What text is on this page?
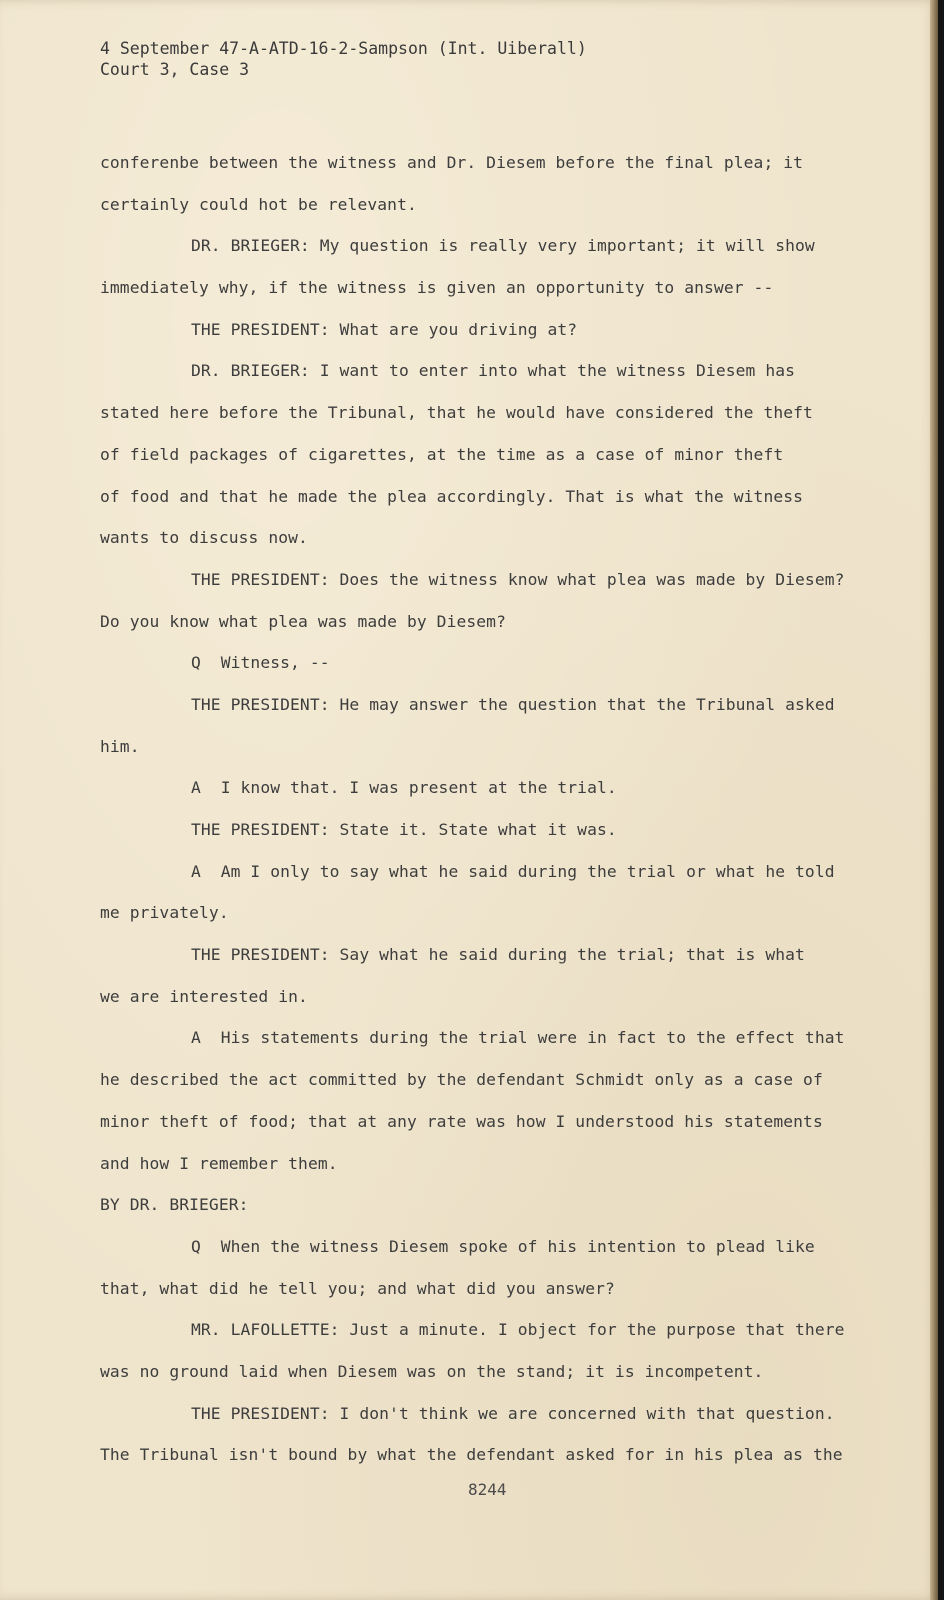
4 September 47-A-ATD-16-2-Sampson (Int. Uiberall)
Court 3, Case 3
conferenbe between the witness and Dr. Diesem before the final plea; it
certainly could hot be relevant.
DR. BRIEGER: My question is really very important; it will show
immediately why, if the witness is given an opportunity to answer --
THE PRESIDENT: What are you driving at?
DR. BRIEGER: I want to enter into what the witness Diesem has
stated here before the Tribunal, that he would have considered the theft
of field packages of cigarettes, at the time as a case of minor theft
of food and that he made the plea accordingly. That is what the witness
wants to discuss now.
THE PRESIDENT: Does the witness know what plea was made by Diesem?
Do you know what plea was made by Diesem?
Q  Witness, --
THE PRESIDENT: He may answer the question that the Tribunal asked
him.
A  I know that. I was present at the trial.
THE PRESIDENT: State it. State what it was.
A  Am I only to say what he said during the trial or what he told
me privately.
THE PRESIDENT: Say what he said during the trial; that is what
we are interested in.
A  His statements during the trial were in fact to the effect that
he described the act committed by the defendant Schmidt only as a case of
minor theft of food; that at any rate was how I understood his statements
and how I remember them.
BY DR. BRIEGER:
Q  When the witness Diesem spoke of his intention to plead like
that, what did he tell you; and what did you answer?
MR. LAFOLLETTE: Just a minute. I object for the purpose that there
was no ground laid when Diesem was on the stand; it is incompetent.
THE PRESIDENT: I don't think we are concerned with that question.
The Tribunal isn't bound by what the defendant asked for in his plea as the
8244
